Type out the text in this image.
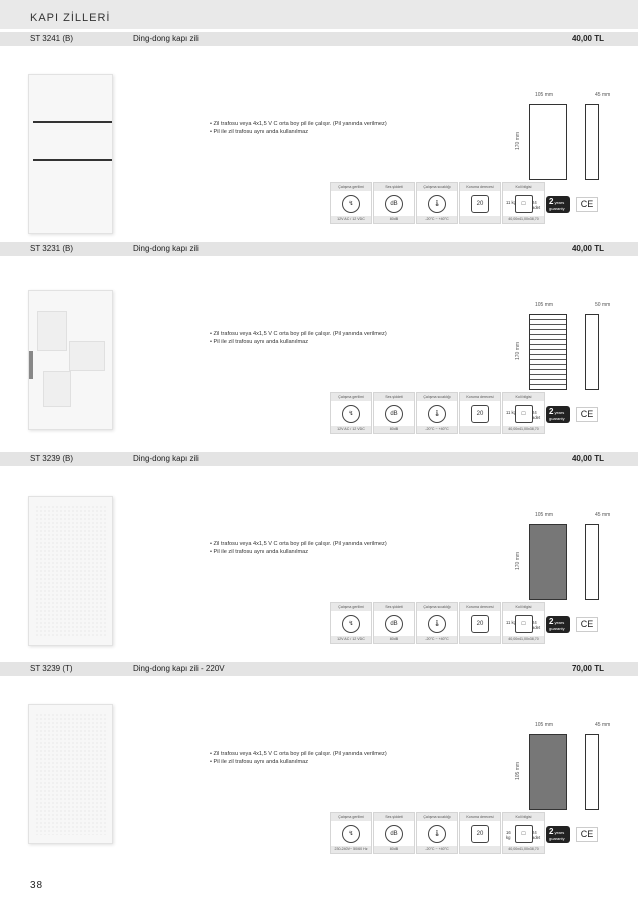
KAPI ZİLLERİ
ST 3241 (B)	Ding-dong kapı zili	40,00 TL
• Zil trafosu veya 4x1,5 V C orta boy pil ile çalışır. (Pil yanında verilmez)
• Pil ile zil trafosu aynı anda kullanılmaz
105 mm	45 mm
170 mm
Çalışma gerilimi
↯
12V AC / 12 VDC
Ses şiddeti
dB
80dB
Çalışma sıcaklığı
🌡
-20°C ~ +40°C
Koruma derecesi
20
Koli bilgisi
11 kg □	24 adet
40,00x41,00x38,70
2years guaranty	CE
ST 3231 (B)	Ding-dong kapı zili	40,00 TL
• Zil trafosu veya 4x1,5 V C orta boy pil ile çalışır. (Pil yanında verilmez)
• Pil ile zil trafosu aynı anda kullanılmaz
105 mm	50 mm
170 mm
Çalışma gerilimi
↯
12V AC / 12 VDC
Ses şiddeti
dB
80dB
Çalışma sıcaklığı
🌡
-20°C ~ +40°C
Koruma derecesi
20
Koli bilgisi
11 kg □	24 adet
40,00x41,00x38,70
2years guaranty	CE
ST 3239 (B)	Ding-dong kapı zili	40,00 TL
• Zil trafosu veya 4x1,5 V C orta boy pil ile çalışır. (Pil yanında verilmez)
• Pil ile zil trafosu aynı anda kullanılmaz
105 mm	45 mm
170 mm
Çalışma gerilimi
↯
12V AC / 12 VDC
Ses şiddeti
dB
80dB
Çalışma sıcaklığı
🌡
-20°C ~ +40°C
Koruma derecesi
20
Koli bilgisi
11 kg □	24 adet
40,00x41,00x38,70
2years guaranty	CE
ST 3239 (T)	Ding-dong kapı zili - 220V	70,00 TL
• Zil trafosu veya 4x1,5 V C orta boy pil ile çalışır. (Pil yanında verilmez)
• Pil ile zil trafosu aynı anda kullanılmaz
105 mm	45 mm
105 mm
Çalışma gerilimi
↯
230-240V~ 50/60 Hz
Ses şiddeti
dB
80dB
Çalışma sıcaklığı
🌡
-20°C ~ +40°C
Koruma derecesi
20
Koli bilgisi
16 kg
□	24 adet
40,00x41,00x38,70
2years guaranty	CE
38
